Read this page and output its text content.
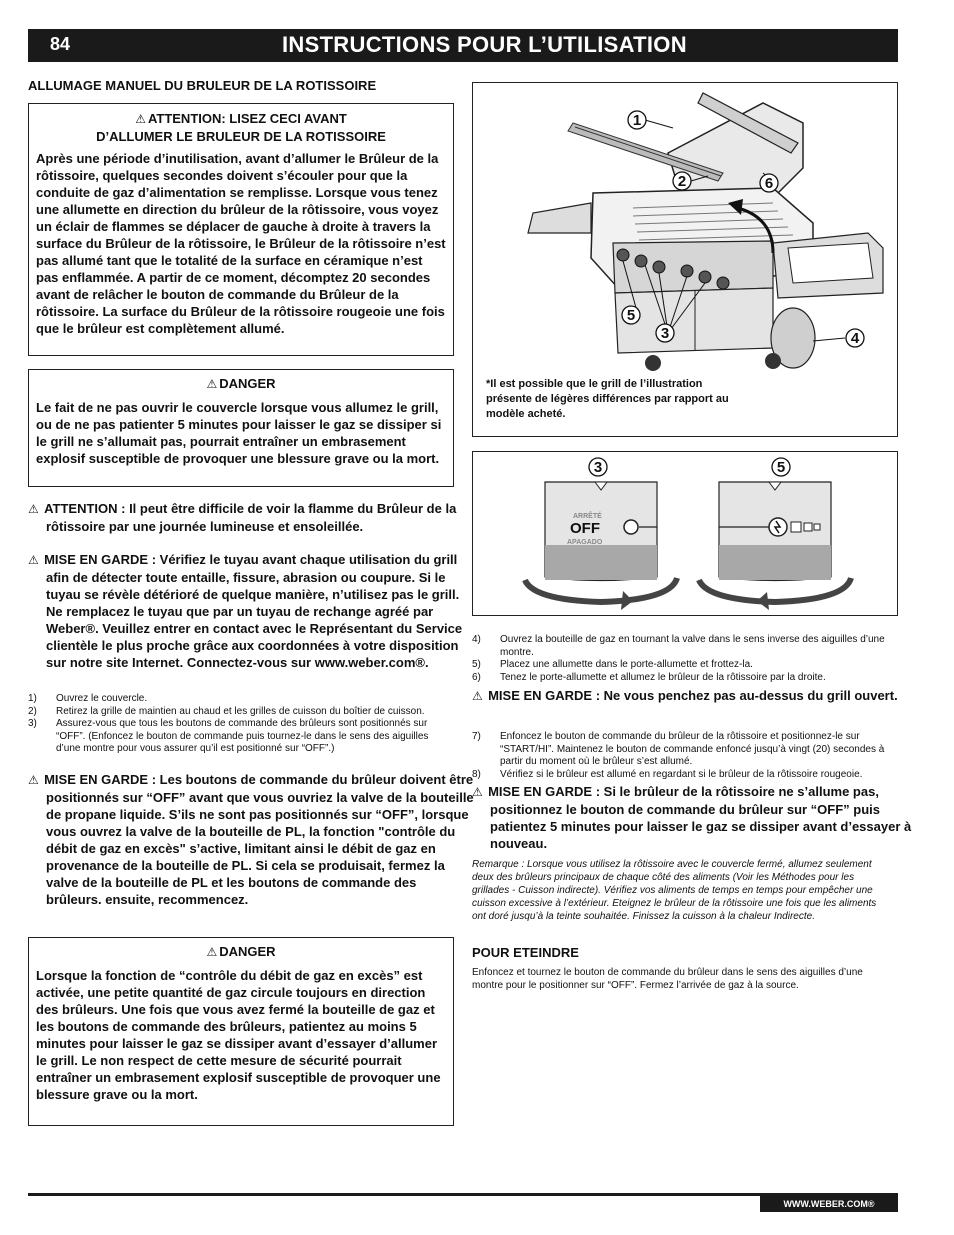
84	INSTRUCTIONS POUR L’UTILISATION
ALLUMAGE MANUEL DU BRULEUR DE LA ROTISSOIRE
⚠ ATTENTION: LISEZ CECI AVANT
D’ALLUMER LE BRULEUR DE LA ROTISSOIRE
Après une période d’inutilisation, avant d’allumer le Brûleur de la rôtissoire, quelques secondes doivent s’écouler pour que la conduite de gaz d’alimentation se remplisse. Lorsque vous tenez une allumette en direction du brûleur de la rôtissoire, vous voyez un éclair de flammes se déplacer de gauche à droite à travers la surface du Brûleur de la rôtissoire, le Brûleur de la rôtissoire n’est pas allumé tant que le totalité de la surface en céramique n’est pas enflammée. A partir de ce moment, décomptez 20 secondes avant de relâcher le bouton de commande du Brûleur de la rôtissoire. La surface du Brûleur de la rôtissoire rougeoie une fois que le brûleur est complètement allumé.
⚠ DANGER
Le fait de ne pas ouvrir le couvercle lorsque vous allumez le grill, ou de ne pas patienter 5 minutes pour laisser le gaz se dissiper si le grill ne s’allumait pas, pourrait entraîner un embrasement explosif susceptible de provoquer une blessure grave ou la mort.
⚠ ATTENTION : Il peut être difficile de voir la flamme du Brûleur de la rôtissoire par une journée lumineuse et ensoleillée.
⚠ MISE EN GARDE : Vérifiez le tuyau avant chaque utilisation du grill afin de détecter toute entaille, fissure, abrasion ou coupure. Si le tuyau se révèle détérioré de quelque manière, n’utilisez pas le grill. Ne remplacez le tuyau que par un tuyau de rechange agréé par Weber®. Veuillez entrer en contact avec le Représentant du Service clientèle le plus proche grâce aux coordonnées à votre disposition sur notre site Internet. Connectez-vous sur www.weber.com®.
1)	Ouvrez le couvercle.
2)	Retirez la grille de maintien au chaud et les grilles de cuisson du boîtier de cuisson.
3)	Assurez-vous que tous les boutons de commande des brûleurs sont positionnés sur “OFF”. (Enfoncez le bouton de commande puis tournez-le dans le sens des aiguilles d’une montre pour vous assurer qu’il est positionné sur “OFF”.)
⚠ MISE EN GARDE : Les boutons de commande du brûleur doivent être positionnés sur “OFF” avant que vous ouvriez la valve de la bouteille de propane liquide. S’ils ne sont pas positionnés sur “OFF”, lorsque vous ouvrez la valve de la bouteille de PL, la fonction "contrôle du débit de gaz en excès" s’active, limitant ainsi le débit de gaz en provenance de la bouteille de PL. Si cela se produisait, fermez la valve de la bouteille de PL et les boutons de commande des brûleurs. ensuite, recommencez.
⚠ DANGER
Lorsque la fonction de “contrôle du débit de gaz en excès” est activée, une petite quantité de gaz circule toujours en direction des brûleurs. Une fois que vous avez fermé la bouteille de gaz et les boutons de commande des brûleurs, patientez au moins 5 minutes pour laisser le gaz se dissiper avant d’essayer d’allumer le grill. Le non respect de cette mesure de sécurité pourrait entraîner un embrasement explosif susceptible de provoquer une blessure grave ou la mort.
1
2	6
5
3	4
*Il est possible que le grill de l’illustration présente de légères différences par rapport au modèle acheté.
ARRÊTÉ
OFF
APAGADO
3	5
4)	Ouvrez la bouteille de gaz en tournant la valve dans le sens inverse des aiguilles d’une montre.
5)	Placez une allumette dans le porte-allumette et frottez-la.
6)	Tenez le porte-allumette et allumez le brûleur de la rôtissoire par la droite.
⚠ MISE EN GARDE : Ne vous penchez pas au-dessus du grill ouvert.
7)	Enfoncez le bouton de commande du brûleur de la rôtissoire et positionnez-le sur “START/HI”. Maintenez le bouton de commande enfoncé jusqu’à vingt (20) secondes à partir du moment où le brûleur s’est allumé.
8)	Vérifiez si le brûleur est allumé en regardant si le brûleur de la rôtissoire rougeoie.
⚠ MISE EN GARDE : Si le brûleur de la rôtissoire ne s’allume pas, positionnez le bouton de commande du brûleur sur “OFF” puis patientez 5 minutes pour laisser le gaz se dissiper avant d’essayer à nouveau.
Remarque : Lorsque vous utilisez la rôtissoire avec le couvercle fermé, allumez seulement deux des brûleurs principaux de chaque côté des aliments (Voir les Méthodes pour les grillades - Cuisson indirecte). Vérifiez vos aliments de temps en temps pour empêcher une cuisson excessive à l’extérieur. Eteignez le brûleur de la rôtissoire une fois que les aliments ont doré jusqu’à la teinte souhaitée. Finissez la cuisson à la chaleur Indirecte.
POUR ETEINDRE
Enfoncez et tournez le bouton de commande du brûleur dans le sens des aiguilles d’une montre pour le positionner sur “OFF”. Fermez l’arrivée de gaz à la source.
WWW.WEBER.COM®
